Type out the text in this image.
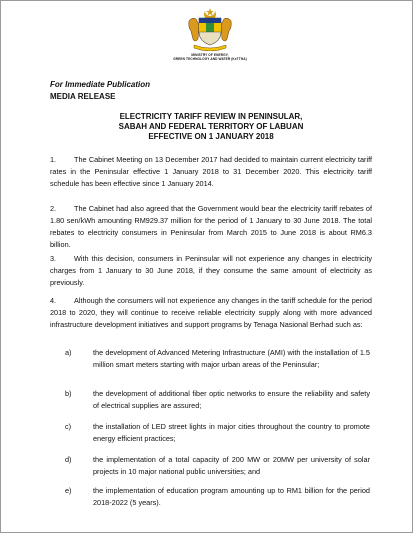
MINISTRY OF ENERGY,
GREEN TECHNOLOGY AND WATER (KeTTHA)
For Immediate Publication
MEDIA RELEASE
ELECTRICITY TARIFF REVIEW IN PENINSULAR,
SABAH AND FEDERAL TERRITORY OF LABUAN
EFFECTIVE ON 1 JANUARY 2018

1. The Cabinet Meeting on 13 December 2017 had decided to maintain current electricity tariff rates in the Peninsular effective 1 January 2018 to 31 December 2020. This electricity tariff schedule has been effective since 1 January 2014.

2. The Cabinet had also agreed that the Government would bear the electricity tariff rebates of 1.80 sen/kWh amounting RM929.37 million for the period of 1 January to 30 June 2018. The total rebates to electricity consumers in Peninsular from March 2015 to June 2018 is about RM6.3 billion.

3. With this decision, consumers in Peninsular will not experience any changes in electricity charges from 1 January to 30 June 2018, if they consume the same amount of electricity as previously.

4. Although the consumers will not experience any changes in the tariff schedule for the period 2018 to 2020, they will continue to receive reliable electricity supply along with more advanced infrastructure development initiatives and support programs by Tenaga Nasional Berhad such as:

a)	the development of Advanced Metering Infrastructure (AMI) with the installation of 1.5 million smart meters starting with major urban areas of the Peninsular;

b)	the development of additional fiber optic networks to ensure the reliability and safety of electrical supplies are assured;

c)	the installation of LED street lights in major cities throughout the country to promote energy efficient practices;

d)	the implementation of a total capacity of 200 MW or 20MW per university of solar projects in 10 major national public universities; and

e)	the implementation of education program amounting up to RM1 billion for the period 2018-2022 (5 years).
